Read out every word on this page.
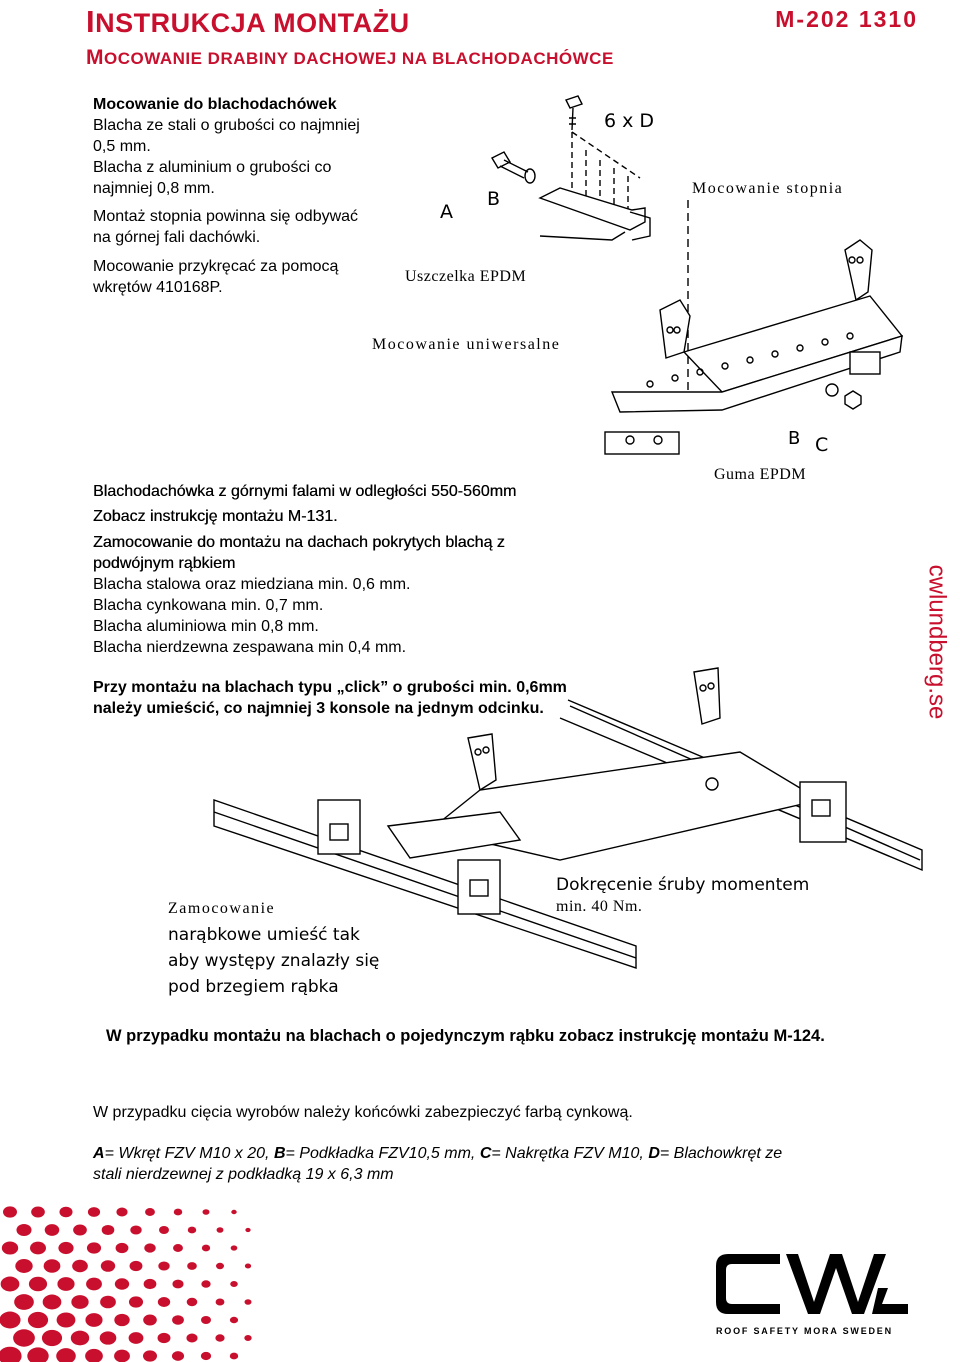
INSTRUKCJA MONTAŻU	M-202 1310
MOCOWANIE DRABINY DACHOWEJ NA BLACHODACHÓWCE
Mocowanie do blachodachówek
Blacha ze stali o grubości co najmniej
0,5 mm.
Blacha z aluminium o grubości co
najmniej 0,8 mm.
Montaż stopnia powinna się odbywać
na górnej fali dachówki.
Mocowanie przykręcać za pomocą
wkrętów 410168P.
6 x D
A
B	Mocowanie stopnia
Uszczelka EPDM
Mocowanie uniwersalne
B C
Guma EPDM
Blachodachówka z górnymi falami w odległości 550-560mm
Zobacz instrukcję montażu M-131.
Zamocowanie do montażu na dachach pokrytych blachą z
podwójnym rąbkiem
Blacha stalowa oraz miedziana min. 0,6 mm.
Blacha cynkowana min. 0,7 mm.
Blacha aluminiowa min 0,8 mm.
Blacha nierdzewna zespawana min 0,4 mm.
Przy montażu na blachach typu „click” o grubości min. 0,6mm
należy umieścić, co najmniej 3 konsole na jednym odcinku.
Zamocowanie
narąbkowe umieść tak
aby występy znalazły się
pod brzegiem rąbka
Dokręcenie śruby momentem
min. 40 Nm.
W przypadku montażu na blachach o pojedynczym rąbku zobacz instrukcję montażu M-124.
W przypadku cięcia wyrobów należy końcówki zabezpieczyć farbą cynkową.
A= Wkręt FZV M10 x 20, B= Podkładka FZV10,5 mm, C= Nakrętka FZV M10, D= Blachowkręt ze
stali nierdzewnej z podkładką 19 x 6,3 mm
cwlundberg.se
ROOF SAFETY MORA SWEDEN
